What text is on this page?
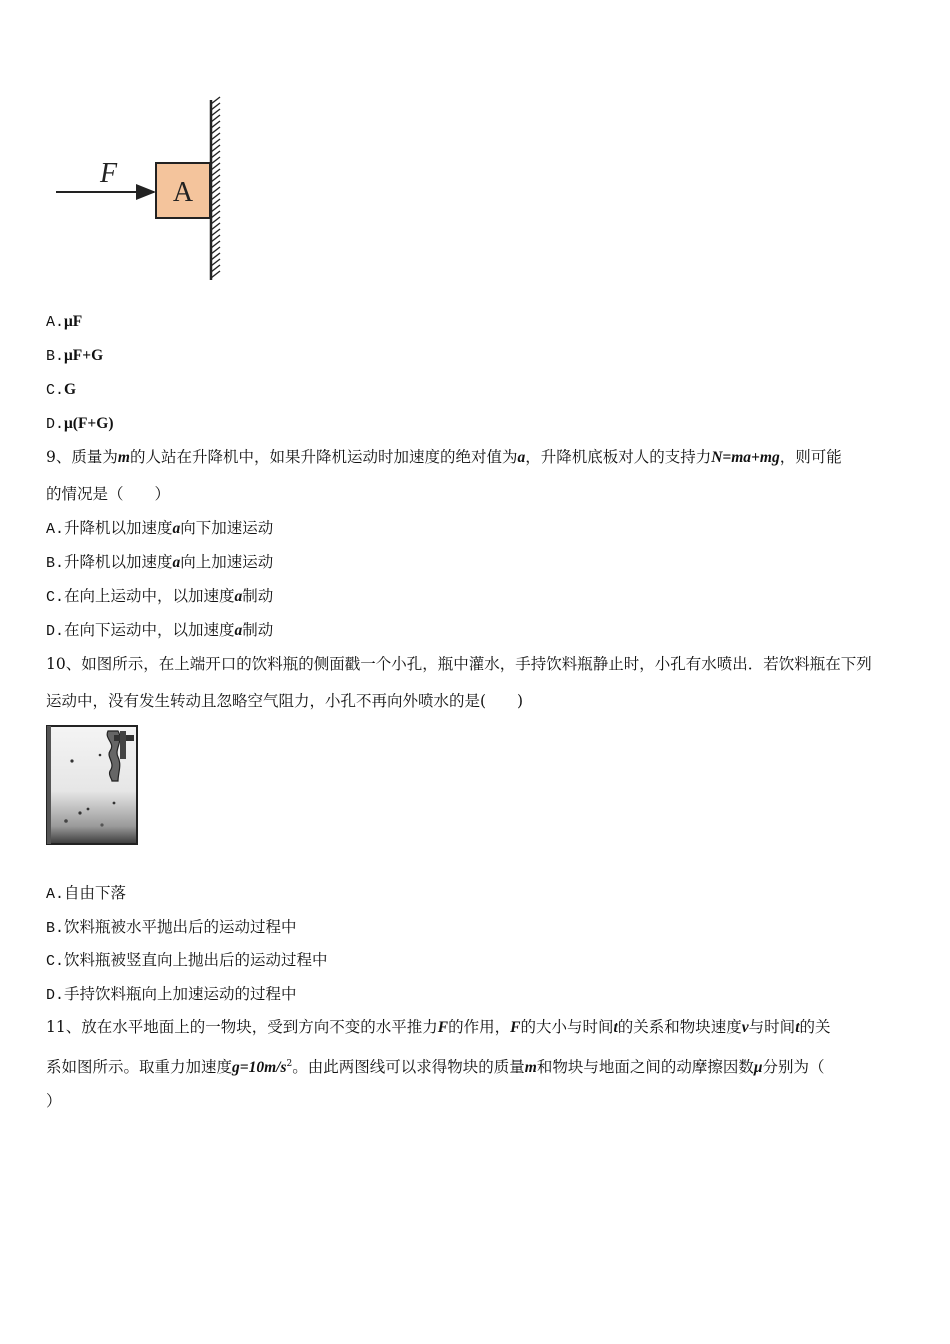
F
A
A.μF
B.μF+G
C.G
D.μ(F+G)
9、质量为m的人站在升降机中，如果升降机运动时加速度的绝对值为a，升降机底板对人的支持力N=ma+mg，则可能
的情况是（　　）
A.升降机以加速度a向下加速运动
B.升降机以加速度a向上加速运动
C.在向上运动中，以加速度a制动
D.在向下运动中，以加速度a制动
10、如图所示，在上端开口的饮料瓶的侧面戳一个小孔，瓶中灌水，手持饮料瓶静止时，小孔有水喷出．若饮料瓶在下列
运动中，没有发生转动且忽略空气阻力，小孔不再向外喷水的是(　　)
A.自由下落
B.饮料瓶被水平抛出后的运动过程中
C.饮料瓶被竖直向上抛出后的运动过程中
D.手持饮料瓶向上加速运动的过程中
11、放在水平地面上的一物块，受到方向不变的水平推力F的作用，F的大小与时间t的关系和物块速度v与时间t的关
系如图所示。取重力加速度$g=10m/s^2$。由此两图线可以求得物块的质量m和物块与地面之间的动摩擦因数μ分别为（
）
